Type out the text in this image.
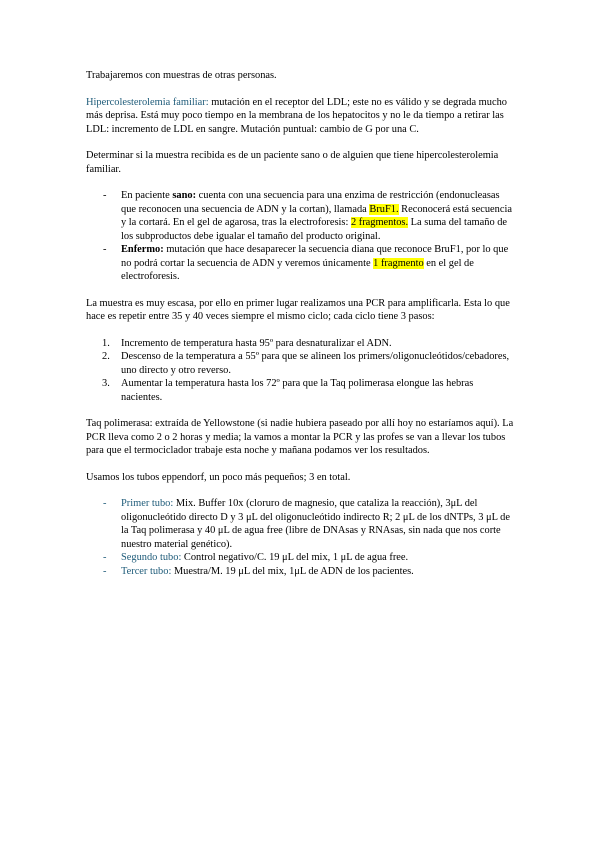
Trabajaremos con muestras de otras personas.

Hipercolesterolemia familiar: mutación en el receptor del LDL; este no es válido y se degrada mucho más deprisa. Está muy poco tiempo en la membrana de los hepatocitos y no le da tiempo a retirar las LDL: incremento de LDL en sangre. Mutación puntual: cambio de G por una C.

Determinar si la muestra recibida es de un paciente sano o de alguien que tiene hipercolesterolemia familiar.

- En paciente sano: cuenta con una secuencia para una enzima de restricción (endonucleasas que reconocen una secuencia de ADN y la cortan), llamada BruF1. Reconocerá está secuencia y la cortará. En el gel de agarosa, tras la electroforesis: 2 fragmentos. La suma del tamaño de los subproductos debe igualar el tamaño del producto original.
- Enfermo: mutación que hace desaparecer la secuencia diana que reconoce BruF1, por lo que no podrá cortar la secuencia de ADN y veremos únicamente 1 fragmento en el gel de electroforesis.

La muestra es muy escasa, por ello en primer lugar realizamos una PCR para amplificarla. Esta lo que hace es repetir entre 35 y 40 veces siempre el mismo ciclo; cada ciclo tiene 3 pasos:

1. Incremento de temperatura hasta 95º para desnaturalizar el ADN.
2. Descenso de la temperatura a 55º para que se alineen los primers/oligonucleótidos/cebadores, uno directo y otro reverso.
3. Aumentar la temperatura hasta los 72º para que la Taq polimerasa elongue las hebras nacientes.

Taq polimerasa: extraída de Yellowstone (si nadie hubiera paseado por allí hoy no estaríamos aquí). La PCR lleva como 2 o 2 horas y media; la vamos a montar la PCR y las profes se van a llevar los tubos para que el termociclador trabaje esta noche y mañana podamos ver los resultados.

Usamos los tubos eppendorf, un poco más pequeños; 3 en total.

- Primer tubo: Mix. Buffer 10x (cloruro de magnesio, que cataliza la reacción), 3μL del oligonucleótido directo D y 3 μL del oligonucleótido indirecto R; 2 μL de los dNTPs, 3 μL de la Taq polimerasa y 40 μL de agua free (libre de DNAsas y RNAsas, sin nada que nos corte nuestro material genético).
- Segundo tubo: Control negativo/C. 19 μL del mix, 1 μL de agua free.
- Tercer tubo: Muestra/M. 19 μL del mix, 1μL de ADN de los pacientes.
